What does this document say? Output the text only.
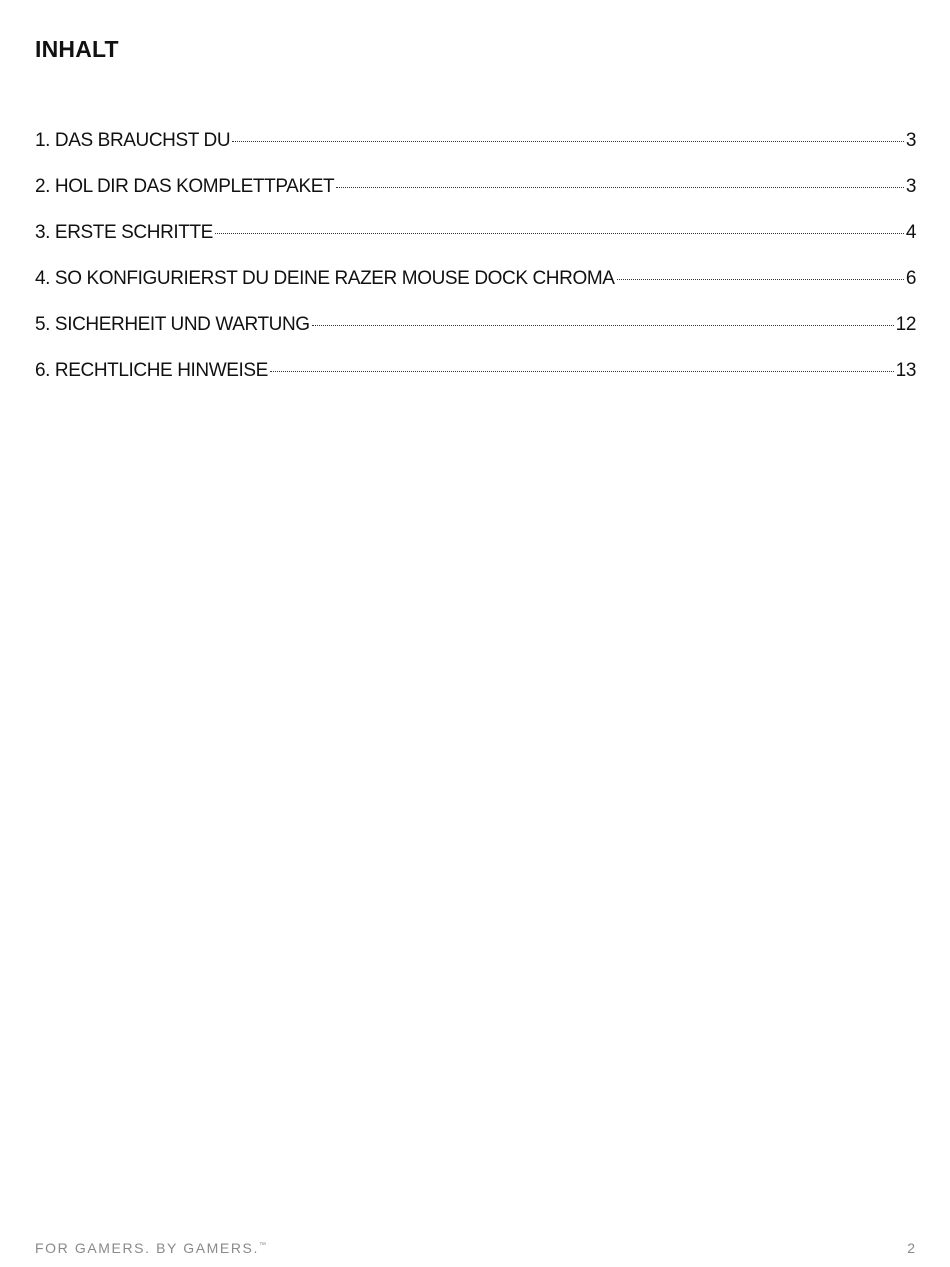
INHALT
1. DAS BRAUCHST DU	3
2. HOL DIR DAS KOMPLETTPAKET	3
3. ERSTE SCHRITTE	4
4. SO KONFIGURIERST DU DEINE RAZER MOUSE DOCK CHROMA	6
5. SICHERHEIT UND WARTUNG	12
6. RECHTLICHE HINWEISE	13
FOR GAMERS. BY GAMERS.™	2
